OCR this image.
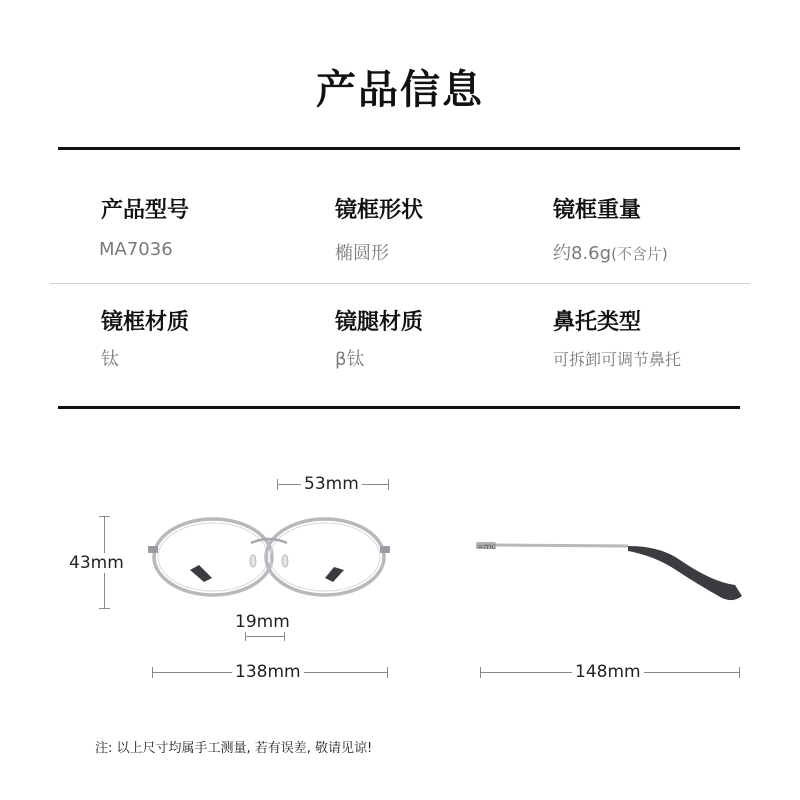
产品信息
产品型号
MA7036
镜框形状
椭圆形
镜框重量
约8.6g(不含片)
镜框材质
钛
镜腿材质
β钛
鼻托类型
可拆卸可调节鼻托
=mc
53mm
43mm
19mm
138mm	148mm
注: 以上尺寸均属手工测量, 若有误差, 敬请见谅!
